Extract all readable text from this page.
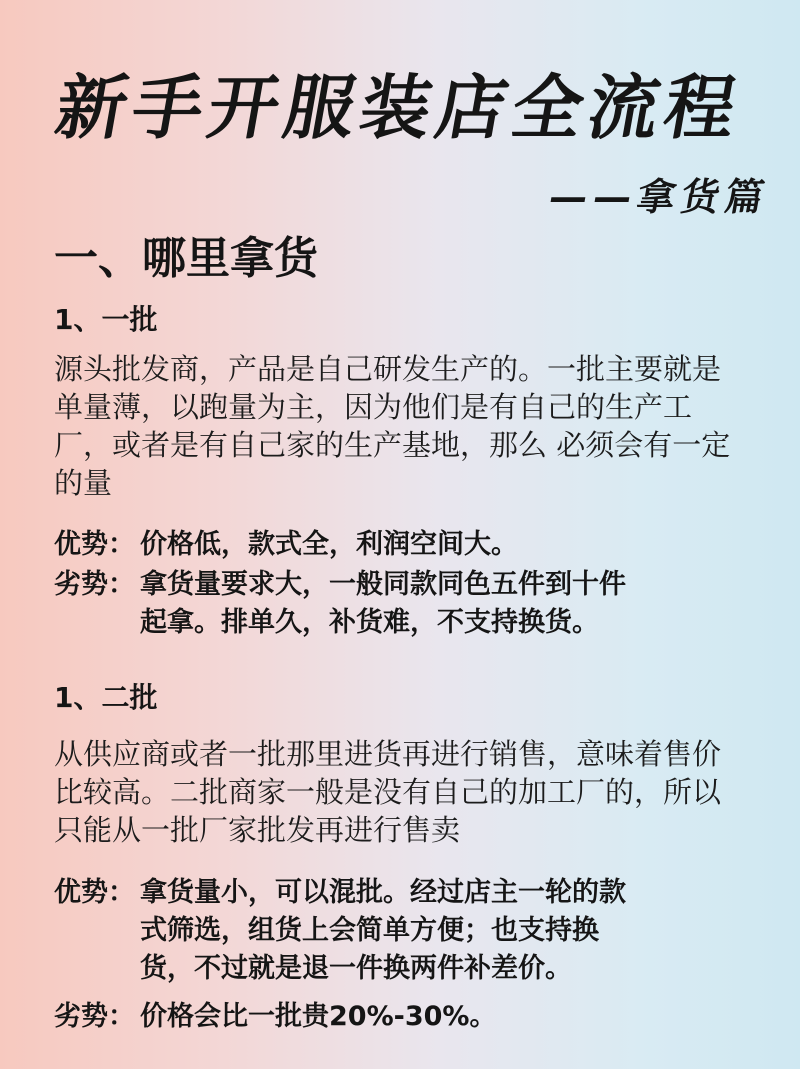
新手开服装店全流程
——拿货篇
一、哪里拿货
1、一批
源头批发商，产品是自己研发生产的。一批主要就是
单量薄，以跑量为主，因为他们是有自己的生产工
厂，或者是有自己家的生产基地，那么 必须会有一定
的量
优势： 价格低，款式全，利润空间大。
劣势： 拿货量要求大，一般同款同色五件到十件
起拿。排单久，补货难，不支持换货。
1、二批
从供应商或者一批那里进货再进行销售，意味着售价
比较高。二批商家一般是没有自己的加工厂的，所以
只能从一批厂家批发再进行售卖
优势： 拿货量小，可以混批。经过店主一轮的款
式筛选，组货上会简单方便；也支持换
货，不过就是退一件换两件补差价。
劣势： 价格会比一批贵20%-30%。
